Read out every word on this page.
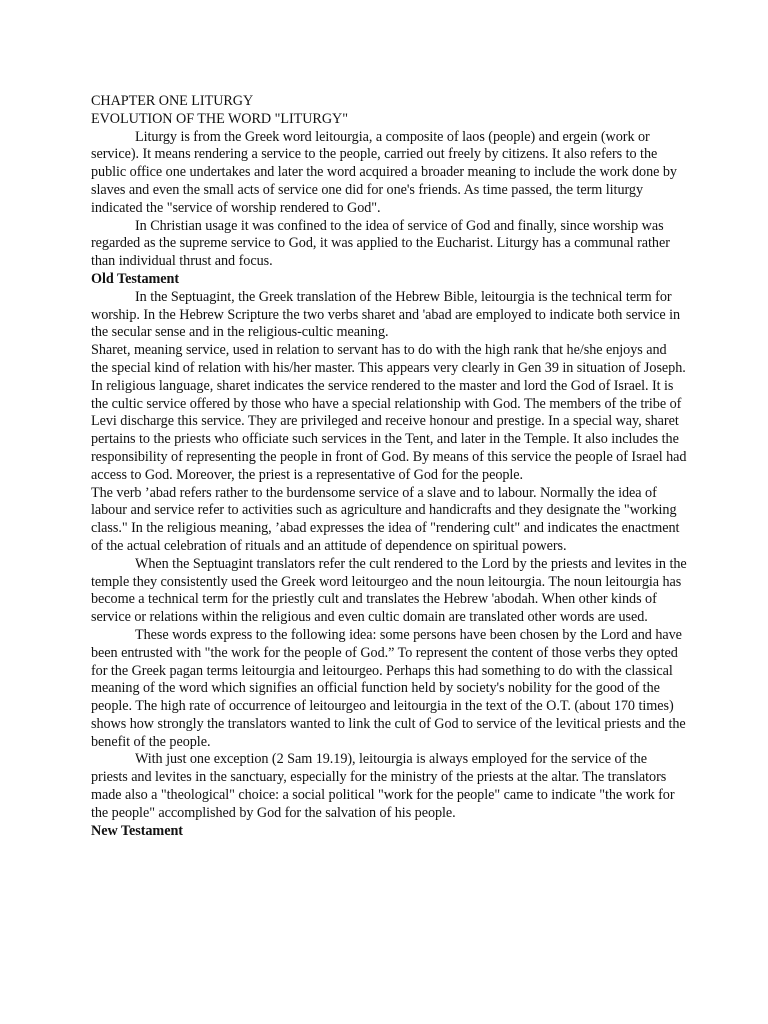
CHAPTER ONE LITURGY
EVOLUTION OF THE WORD "LITURGY"

Liturgy is from the Greek word leitourgia, a composite of laos (people) and ergein (work or service). It means rendering a service to the people, carried out freely by citizens. It also refers to the public office one undertakes and later the word acquired a broader meaning to include the work done by slaves and even the small acts of service one did for one's friends. As time passed, the term liturgy indicated the "service of worship rendered to God".

In Christian usage it was confined to the idea of service of God and finally, since worship was regarded as the supreme service to God, it was applied to the Eucharist. Liturgy has a communal rather than individual thrust and focus.

Old Testament

In the Septuagint, the Greek translation of the Hebrew Bible, leitourgia is the technical term for worship. In the Hebrew Scripture the two verbs sharet and 'abad are employed to indicate both service in the secular sense and in the religious-cultic meaning.

Sharet, meaning service, used in relation to servant has to do with the high rank that he/she enjoys and the special kind of relation with his/her master. This appears very clearly in Gen 39 in situation of Joseph. In religious language, sharet indicates the service rendered to the master and lord the God of Israel. It is the cultic service offered by those who have a special relationship with God. The members of the tribe of Levi discharge this service. They are privileged and receive honour and prestige. In a special way, sharet pertains to the priests who officiate such services in the Tent, and later in the Temple. It also includes the responsibility of representing the people in front of God. By means of this service the people of Israel had access to God. Moreover, the priest is a representative of God for the people.

The verb ’abad refers rather to the burdensome service of a slave and to labour. Normally the idea of labour and service refer to activities such as agriculture and handicrafts and they designate the "working class." In the religious meaning, ’abad expresses the idea of "rendering cult" and indicates the enactment of the actual celebration of rituals and an attitude of dependence on spiritual powers.

When the Septuagint translators refer the cult rendered to the Lord by the priests and levites in the temple they consistently used the Greek word leitourgeo and the noun leitourgia. The noun leitourgia has become a technical term for the priestly cult and translates the Hebrew 'abodah. When other kinds of service or relations within the religious and even cultic domain are translated other words are used.

These words express to the following idea: some persons have been chosen by the Lord and have been entrusted with "the work for the people of God.” To represent the content of those verbs they opted for the Greek pagan terms leitourgia and leitourgeo. Perhaps this had something to do with the classical meaning of the word which signifies an official function held by society's nobility for the good of the people. The high rate of occurrence of leitourgeo and leitourgia in the text of the O.T. (about 170 times) shows how strongly the translators wanted to link the cult of God to service of the levitical priests and the benefit of the people.

With just one exception (2 Sam 19.19), leitourgia is always employed for the service of the priests and levites in the sanctuary, especially for the ministry of the priests at the altar. The translators made also a "theological" choice: a social political "work for the people" came to indicate "the work for the people" accomplished by God for the salvation of his people.

New Testament
